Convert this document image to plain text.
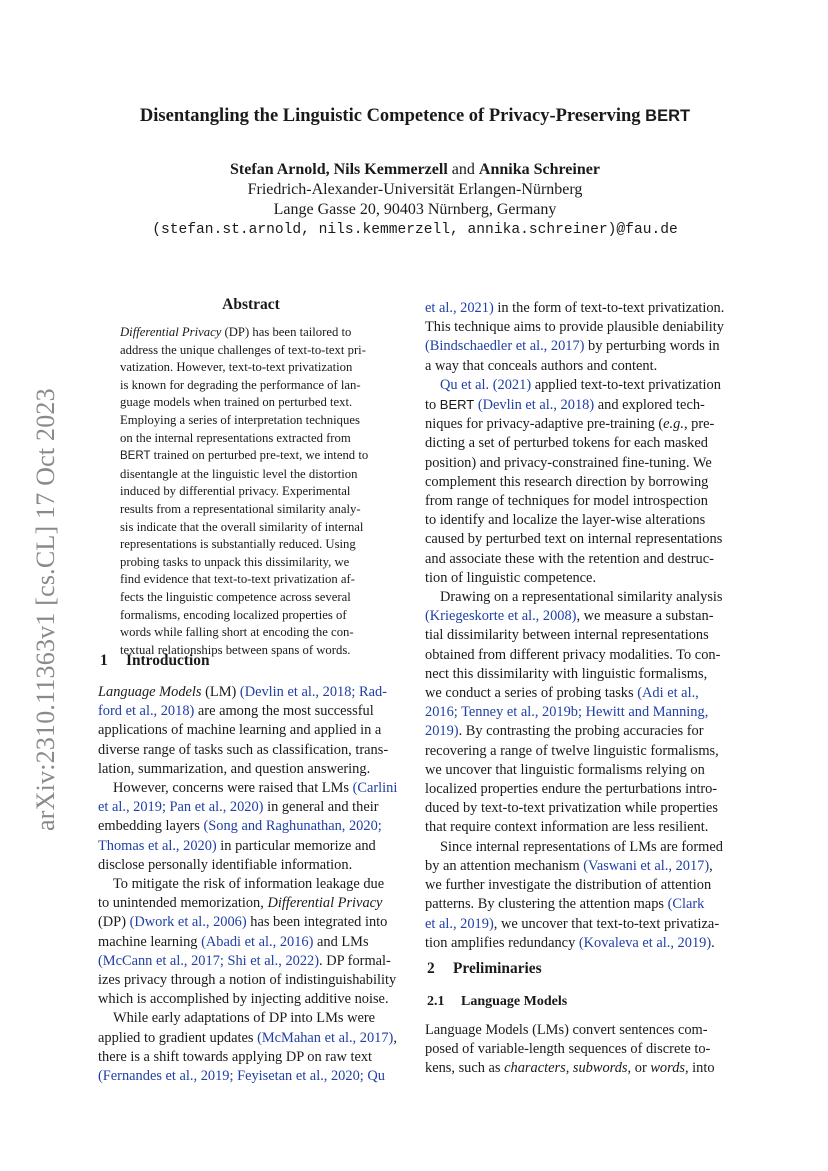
arXiv:2310.11363v1 [cs.CL] 17 Oct 2023
Disentangling the Linguistic Competence of Privacy-Preserving BERT
Stefan Arnold, Nils Kemmerzell and Annika Schreiner
Friedrich-Alexander-Universität Erlangen-Nürnberg
Lange Gasse 20, 90403 Nürnberg, Germany
(stefan.st.arnold, nils.kemmerzell, annika.schreiner)@fau.de
Abstract

Differential Privacy (DP) has been tailored to

address the unique challenges of text-to-text pri-

vatization. However, text-to-text privatization

is known for degrading the performance of lan-

guage models when trained on perturbed text.

Employing a series of interpretation techniques

on the internal representations extracted from

BERT trained on perturbed pre-text, we intend to

disentangle at the linguistic level the distortion

induced by differential privacy. Experimental

results from a representational similarity analy-

sis indicate that the overall similarity of internal

representations is substantially reduced. Using

probing tasks to unpack this dissimilarity, we

find evidence that text-to-text privatization af-

fects the linguistic competence across several

formalisms, encoding localized properties of

words while falling short at encoding the con-

textual relationships between spans of words.

1 Introduction

Language Models (LM) (Devlin et al., 2018; Rad-

ford et al., 2018) are among the most successful

applications of machine learning and applied in a

diverse range of tasks such as classification, trans-

lation, summarization, and question answering.

However, concerns were raised that LMs (Carlini

et al., 2019; Pan et al., 2020) in general and their

embedding layers (Song and Raghunathan, 2020;

Thomas et al., 2020) in particular memorize and

disclose personally identifiable information.

To mitigate the risk of information leakage due

to unintended memorization, Differential Privacy

(DP) (Dwork et al., 2006) has been integrated into

machine learning (Abadi et al., 2016) and LMs

(McCann et al., 2017; Shi et al., 2022). DP formal-

izes privacy through a notion of indistinguishability

which is accomplished by injecting additive noise.

While early adaptations of DP into LMs were

applied to gradient updates (McMahan et al., 2017),

there is a shift towards applying DP on raw text

(Fernandes et al., 2019; Feyisetan et al., 2020; Qu

et al., 2021) in the form of text-to-text privatization.

This technique aims to provide plausible deniability

(Bindschaedler et al., 2017) by perturbing words in

a way that conceals authors and content.

Qu et al. (2021) applied text-to-text privatization

to BERT (Devlin et al., 2018) and explored tech-

niques for privacy-adaptive pre-training (e.g., pre-

dicting a set of perturbed tokens for each masked

position) and privacy-constrained fine-tuning. We

complement this research direction by borrowing

from range of techniques for model introspection

to identify and localize the layer-wise alterations

caused by perturbed text on internal representations

and associate these with the retention and destruc-

tion of linguistic competence.

Drawing on a representational similarity analysis

(Kriegeskorte et al., 2008), we measure a substan-

tial dissimilarity between internal representations

obtained from different privacy modalities. To con-

nect this dissimilarity with linguistic formalisms,

we conduct a series of probing tasks (Adi et al.,

2016; Tenney et al., 2019b; Hewitt and Manning,

2019). By contrasting the probing accuracies for

recovering a range of twelve linguistic formalisms,

we uncover that linguistic formalisms relying on

localized properties endure the perturbations intro-

duced by text-to-text privatization while properties

that require context information are less resilient.

Since internal representations of LMs are formed

by an attention mechanism (Vaswani et al., 2017),

we further investigate the distribution of attention

patterns. By clustering the attention maps (Clark

et al., 2019), we uncover that text-to-text privatiza-

tion amplifies redundancy (Kovaleva et al., 2019).

2 Preliminaries
2.1 Language Models

Language Models (LMs) convert sentences com-

posed of variable-length sequences of discrete to-

kens, such as characters, subwords, or words, into
